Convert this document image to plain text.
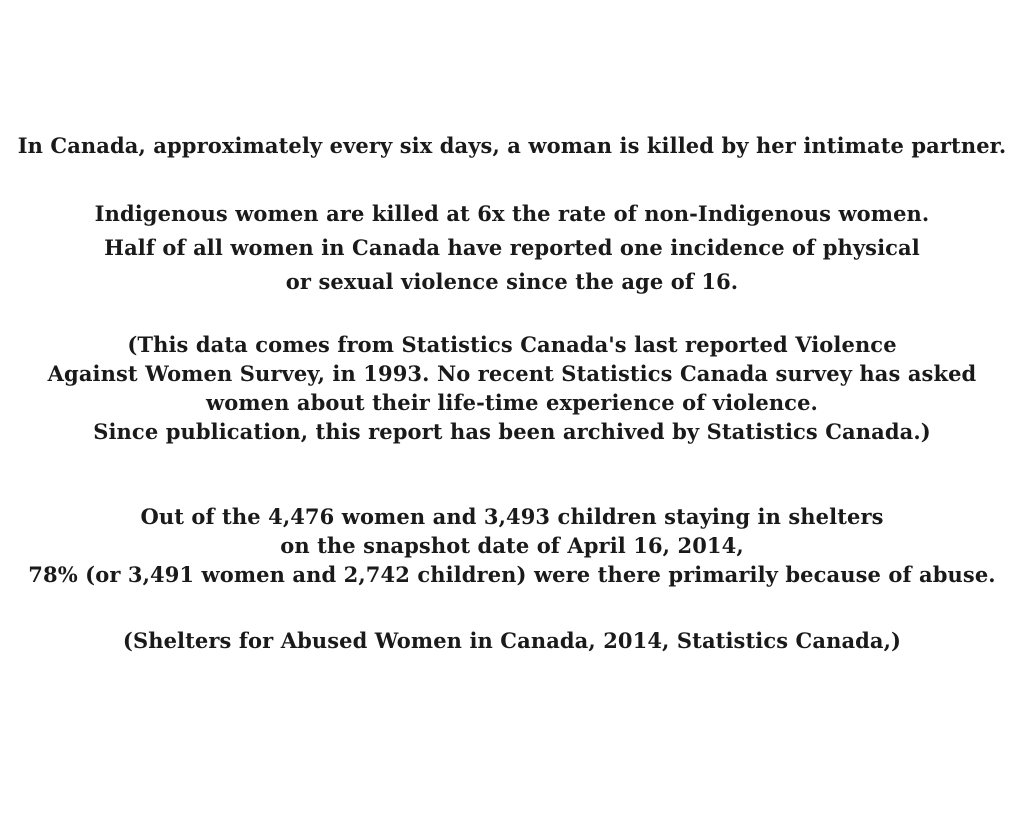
In Canada, approximately every six days, a woman is killed by her intimate partner.
Indigenous women are killed at 6x the rate of non-Indigenous women.
Half of all women in Canada have reported one incidence of physical
or sexual violence since the age of 16.
(This data comes from Statistics Canada's last reported Violence
Against Women Survey, in 1993. No recent Statistics Canada survey has asked
women about their life-time experience of violence.
Since publication, this report has been archived by Statistics Canada.)
Out of the 4,476 women and 3,493 children staying in shelters
on the snapshot date of April 16, 2014,
78% (or 3,491 women and 2,742 children) were there primarily because of abuse.
(Shelters for Abused Women in Canada, 2014, Statistics Canada,)
